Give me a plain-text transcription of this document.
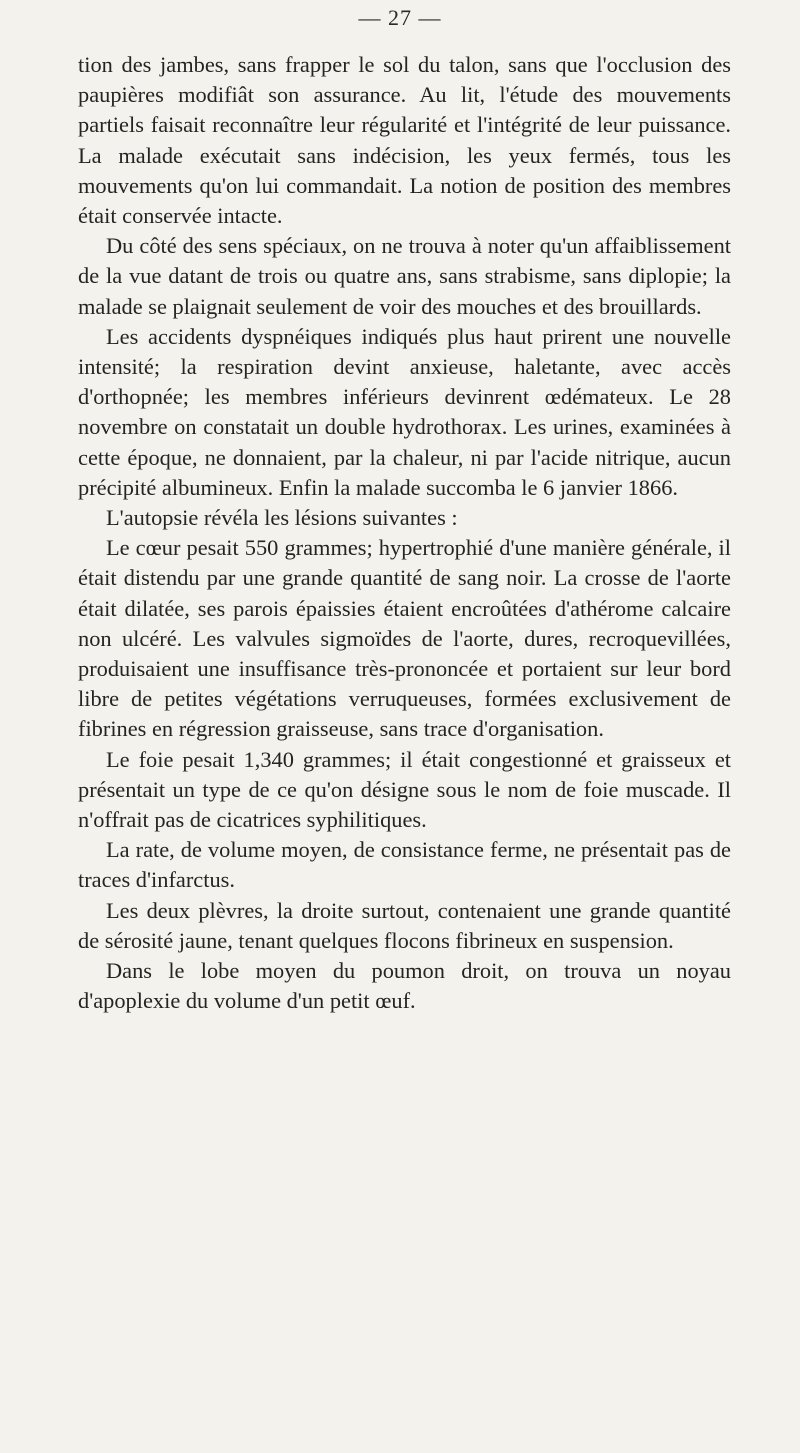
— 27 —

tion des jambes, sans frapper le sol du talon, sans que l'occlusion des paupières modifiât son assurance. Au lit, l'étude des mouvements partiels faisait reconnaître leur régularité et l'intégrité de leur puissance. La malade exécutait sans indécision, les yeux fermés, tous les mouvements qu'on lui commandait. La notion de position des membres était conservée intacte.

Du côté des sens spéciaux, on ne trouva à noter qu'un affaiblissement de la vue datant de trois ou quatre ans, sans strabisme, sans diplopie; la malade se plaignait seulement de voir des mouches et des brouillards.

Les accidents dyspnéiques indiqués plus haut prirent une nouvelle intensité; la respiration devint anxieuse, haletante, avec accès d'orthopnée; les membres inférieurs devinrent œdémateux. Le 28 novembre on constatait un double hydrothorax. Les urines, examinées à cette époque, ne donnaient, par la chaleur, ni par l'acide nitrique, aucun précipité albumineux. Enfin la malade succomba le 6 janvier 1866.

L'autopsie révéla les lésions suivantes :

Le cœur pesait 550 grammes; hypertrophié d'une manière générale, il était distendu par une grande quantité de sang noir. La crosse de l'aorte était dilatée, ses parois épaissies étaient encroûtées d'athérome calcaire non ulcéré. Les valvules sigmoïdes de l'aorte, dures, recroquevillées, produisaient une insuffisance très-prononcée et portaient sur leur bord libre de petites végétations verruqueuses, formées exclusivement de fibrines en régression graisseuse, sans trace d'organisation.

Le foie pesait 1,340 grammes; il était congestionné et graisseux et présentait un type de ce qu'on désigne sous le nom de foie muscade. Il n'offrait pas de cicatrices syphilitiques.

La rate, de volume moyen, de consistance ferme, ne présentait pas de traces d'infarctus.

Les deux plèvres, la droite surtout, contenaient une grande quantité de sérosité jaune, tenant quelques flocons fibrineux en suspension.

Dans le lobe moyen du poumon droit, on trouva un noyau d'apoplexie du volume d'un petit œuf.
